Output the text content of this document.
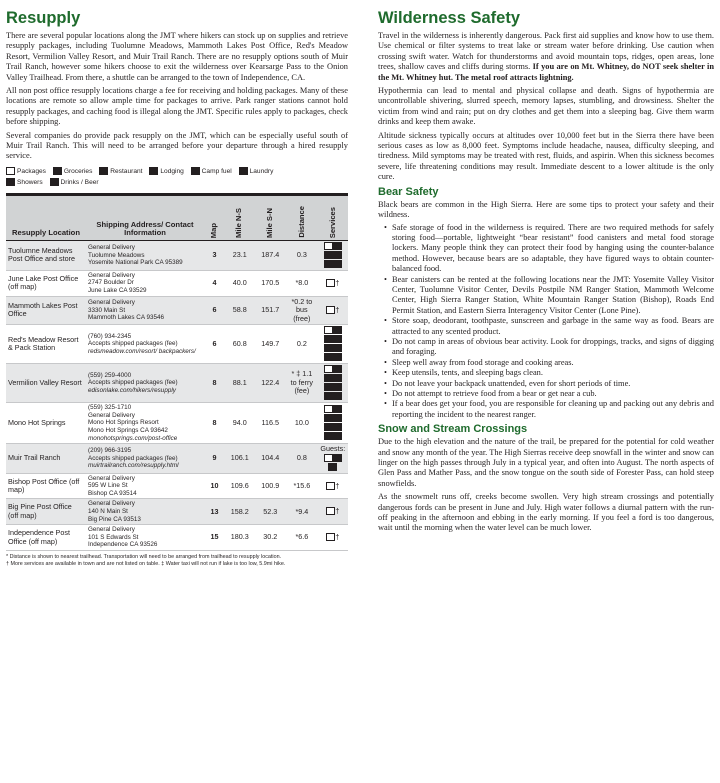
Resupply

There are several popular locations along the JMT where hikers can stock up on supplies and retrieve resupply packages, including Tuolumne Meadows, Mammoth Lakes Post Office, Red's Meadow Resort, Vermilion Valley Resort, and Muir Trail Ranch. There are no resupply options south of Muir Trail Ranch, however some hikers choose to exit the wilderness over Kearsarge Pass to the Onion Valley Trailhead. From there, a shuttle can be arranged to the town of Independence, CA.

All non post office resupply locations charge a fee for receiving and holding packages. Many of these locations are remote so allow ample time for packages to arrive. Park ranger stations cannot hold resupply packages, and caching food is illegal along the JMT. Specific rules apply to packages, check before shipping.

Several companies do provide pack resupply on the JMT, which can be especially useful south of Muir Trail Ranch. This will need to be arranged before your departure through a hired resupply service.

Packages	Groceries	Restaurant	Lodging	Camp fuel	Laundry
Showers	Drinks / Beer

Resupply Location	Shipping Address/ Contact Information	Map	Mile N-S	Mile S-N	Distance	Services

Tuolumne Meadows Post Office and store	General Delivery
Tuolumne Meadows
Yosemite National Park CA 95389	3	23.1	187.4	0.3	

June Lake Post Office (off map)	General Delivery
2747 Boulder Dr
June Lake CA 93529	4	40.0	170.5	*8.0	†
Mammoth Lakes Post Office	General Delivery
3330 Main St
Mammoth Lakes CA 93546	6	58.8	151.7	*0.2 to bus (free)	†
Red's Meadow Resort & Pack Station	(760) 934-2345
Accepts shipped packages (fee)
redsmeadow.com/resort/ backpackers/	6	60.8	149.7	0.2	

Vermilion Valley Resort	(559) 259-4000
Accepts shipped packages (fee)
edisonlake.com/hikers/resupply	8	88.1	122.4	* ‡ 1.1 to ferry (fee)	

Mono Hot Springs	(559) 325-1710
General Delivery
Mono Hot Springs Resort
Mono Hot Springs CA 93642
monohotsprings.com/post-office	8	94.0	116.5	10.0	

Muir Trail Ranch	(209) 966-3195
Accepts shipped packages (fee)
muirtrailranch.com/resupply.html	9	106.1	104.4	0.8	Guests:

Bishop Post Office (off map)	General Delivery
595 W Line St
Bishop CA 93514	10	109.6	100.9	*15.6	†
Big Pine Post Office (off map)	General Delivery
140 N Main St
Big Pine CA 93513	13	158.2	52.3	*9.4	†
Independence Post Office (off map)	General Delivery
101 S Edwards St
Independence CA 93526	15	180.3	30.2	*6.6	†
* Distance is shown to nearest trailhead. Transportation will need to be arranged from trailhead to resupply location.
† More services are available in town and are not listed on table. ‡ Water taxi will not run if lake is too low, 5.9mi hike.
Wilderness Safety

Travel in the wilderness is inherently dangerous. Pack first aid supplies and know how to use them. Use chemical or filter systems to treat lake or stream water before drinking. Use caution when crossing swift water. Watch for thunderstorms and avoid mountain tops, ridges, open areas, lone trees, shallow caves and cliffs during storms. If you are on Mt. Whitney, do NOT seek shelter in the Mt. Whitney hut. The metal roof attracts lightning.

Hypothermia can lead to mental and physical collapse and death. Signs of hypothermia are uncontrollable shivering, slurred speech, memory lapses, stumbling, and drowsiness. Shelter the victim from wind and rain; put on dry clothes and get them into a sleeping bag. Give them warm drinks and keep them awake.

Altitude sickness typically occurs at altitudes over 10,000 feet but in the Sierra there have been serious cases as low as 8,000 feet. Symptoms include headache, nausea, difficulty sleeping, and tiredness. Mild symptoms may be treated with rest, fluids, and aspirin. When this sickness becomes severe, life threatening conditions may result. Immediate descent to a lower altitude is the only cure.

Bear Safety

Black bears are common in the High Sierra. Here are some tips to protect your safety and their wildness.

• Safe storage of food in the wilderness is required. There are two required methods for safely storing food—portable, lightweight “bear resistant” food canisters and metal food storage lockers. Many people think they can protect their food by hanging using the counter-balance method. However, because bears are so adaptable, they have figured ways to obtain counter-balanced food.
• Bear canisters can be rented at the following locations near the JMT: Yosemite Valley Visitor Center, Tuolumne Visitor Center, Devils Postpile NM Ranger Station, Mammoth Welcome Center, High Sierra Ranger Station, White Mountain Ranger Station (Bishop), Roads End Permit Station, and Eastern Sierra Interagency Visitor Center (Lone Pine).
• Store soap, deodorant, toothpaste, sunscreen and garbage in the same way as food. Bears are attracted to any scented product.
• Do not camp in areas of obvious bear activity. Look for droppings, tracks, and signs of digging and foraging.
• Sleep well away from food storage and cooking areas.
• Keep utensils, tents, and sleeping bags clean.
• Do not leave your backpack unattended, even for short periods of time.
• Do not attempt to retrieve food from a bear or get near a cub.
• If a bear does get your food, you are responsible for cleaning up and packing out any debris and reporting the incident to the nearest ranger.
Snow and Stream Crossings

Due to the high elevation and the nature of the trail, be prepared for the potential for cold weather and snow any month of the year. The High Sierras receive deep snowfall in the winter and snow can linger on the high passes through July in a typical year, and often into August. The north aspects of Glen Pass and Mather Pass, and the snow tongue on the south side of Forester Pass, can hold steep snowfields.

As the snowmelt runs off, creeks become swollen. Very high stream crossings and potentially dangerous fords can be present in June and July. High water follows a diurnal pattern with the run-off peaking in the afternoon and ebbing in the early morning. If you feel a ford is too dangerous, wait until the morning when the water level can be much lower.
